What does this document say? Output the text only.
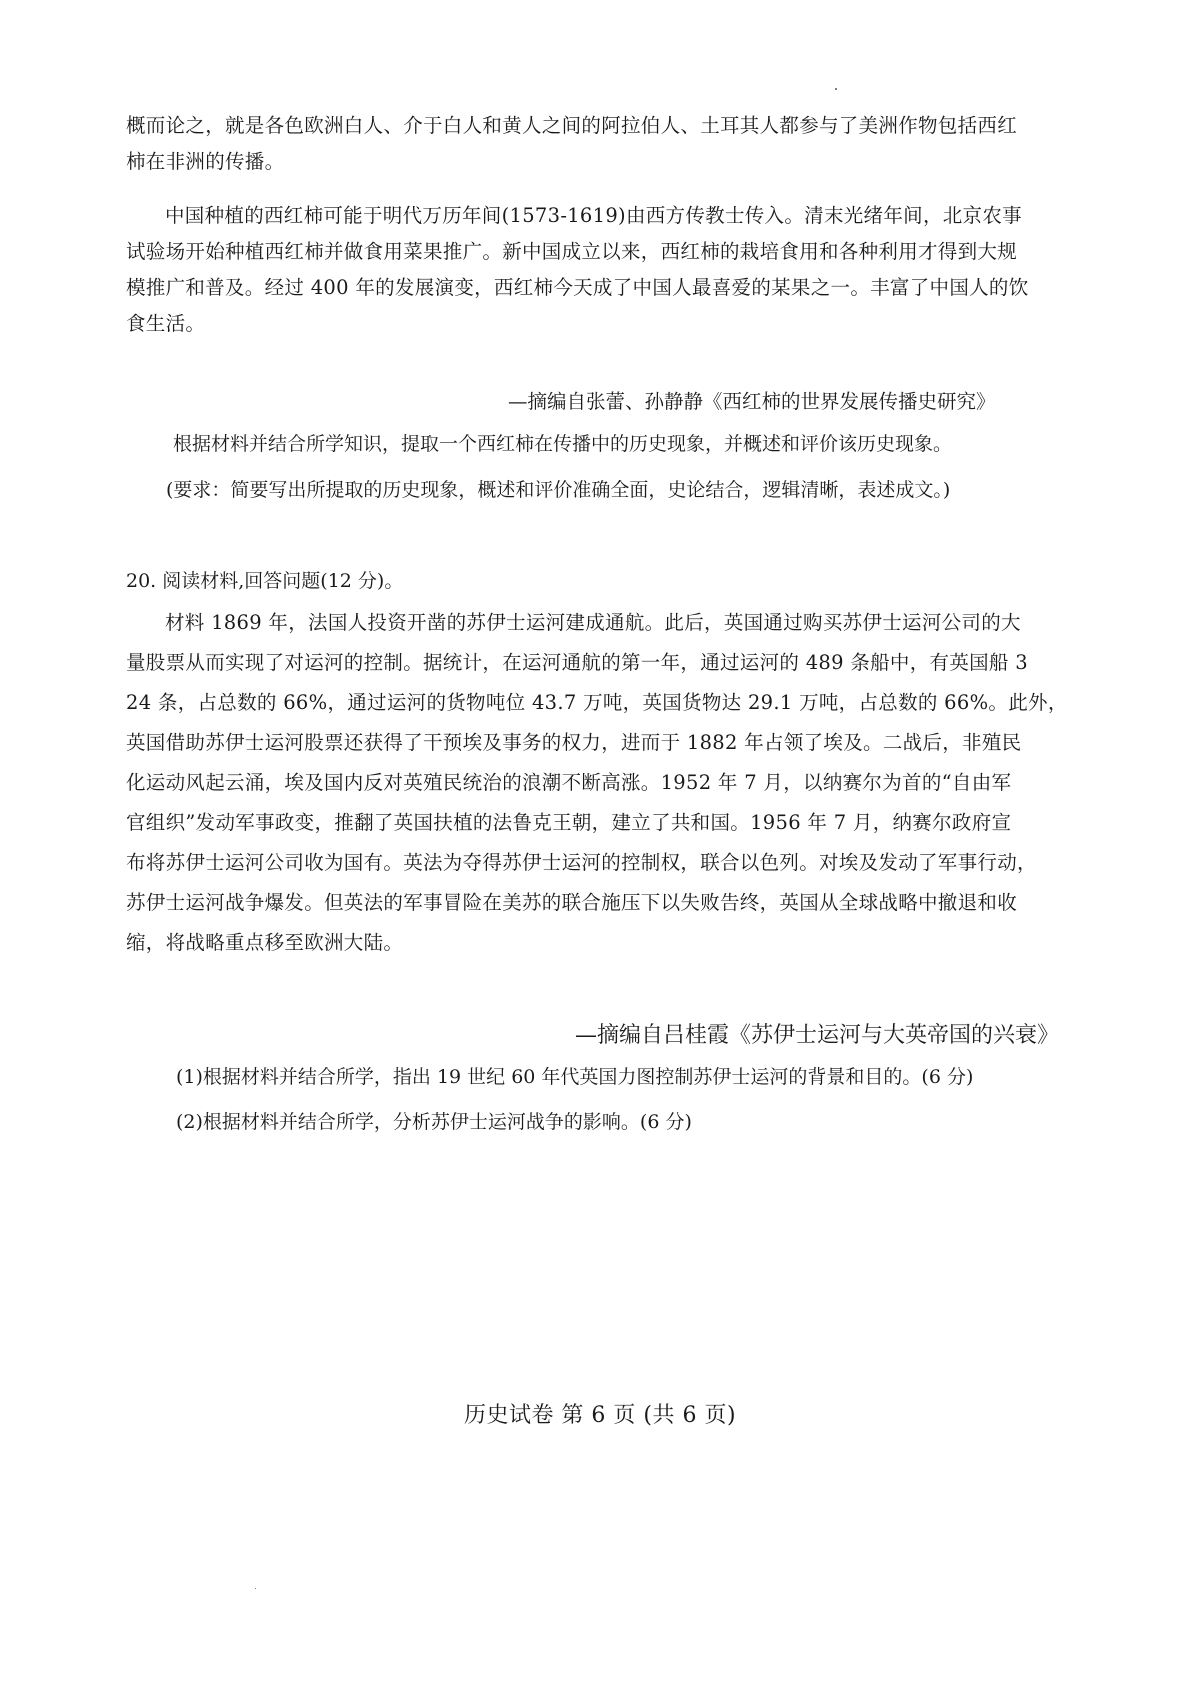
概而论之，就是各色欧洲白人、介于白人和黄人之间的阿拉伯人、土耳其人都参与了美洲作物包括西红
柿在非洲的传播。

中国种植的西红柿可能于明代万历年间(1573-1619)由西方传教士传入。清末光绪年间，北京农事
试验场开始种植西红柿并做食用菜果推广。新中国成立以来，西红柿的栽培食用和各种利用才得到大规
模推广和普及。经过 400 年的发展演变，西红柿今天成了中国人最喜爱的某果之一。丰富了中国人的饮
食生活。

—摘编自张蕾、孙静静《西红柿的世界发展传播史研究》
根据材料并结合所学知识，提取一个西红柿在传播中的历史现象，并概述和评价该历史现象。
(要求：简要写出所提取的历史现象，概述和评价准确全面，史论结合，逻辑清晰，表述成文。)
20. 阅读材料,回答问题(12 分)。

材料 1869 年，法国人投资开凿的苏伊士运河建成通航。此后，英国通过购买苏伊士运河公司的大
量股票从而实现了对运河的控制。据统计，在运河通航的第一年，通过运河的 489 条船中，有英国船 3
24 条，占总数的 66%，通过运河的货物吨位 43.7 万吨，英国货物达 29.1 万吨，占总数的 66%。此外，
英国借助苏伊士运河股票还获得了干预埃及事务的权力，进而于 1882 年占领了埃及。二战后，非殖民
化运动风起云涌，埃及国内反对英殖民统治的浪潮不断高涨。1952 年 7 月，以纳赛尔为首的“自由军
官组织”发动军事政变，推翻了英国扶植的法鲁克王朝，建立了共和国。1956 年 7 月，纳赛尔政府宣
布将苏伊士运河公司收为国有。英法为夺得苏伊士运河的控制权，联合以色列。对埃及发动了军事行动，
苏伊士运河战争爆发。但英法的军事冒险在美苏的联合施压下以失败告终，英国从全球战略中撤退和收
缩，将战略重点移至欧洲大陆。

—摘编自吕桂霞《苏伊士运河与大英帝国的兴衰》
(1)根据材料并结合所学，指出 19 世纪 60 年代英国力图控制苏伊士运河的背景和目的。(6 分)
(2)根据材料并结合所学，分析苏伊士运河战争的影响。(6 分)
历史试卷 第 6 页 (共 6 页)
